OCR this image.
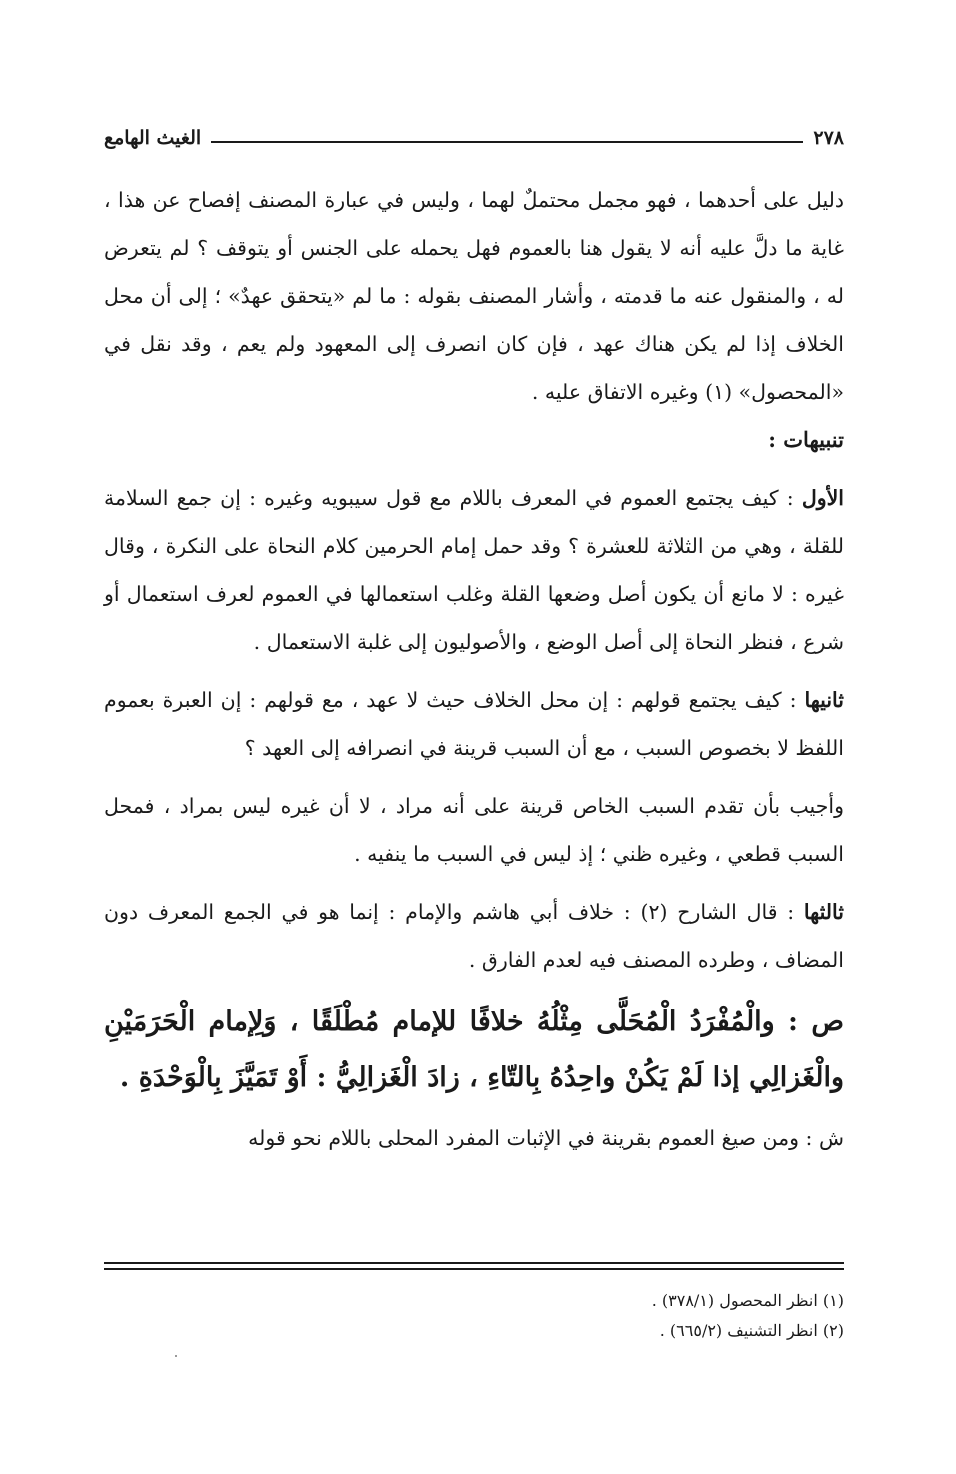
٢٧٨
الغيث الهامع

دليل على أحدهما ، فهو مجمل محتملٌ لهما ، وليس في عبارة المصنف إفصاح عن هذا ، غاية ما دلَّ عليه أنه لا يقول هنا بالعموم فهل يحمله على الجنس أو يتوقف ؟ لم يتعرض له ، والمنقول عنه ما قدمته ، وأشار المصنف بقوله : ما لم «يتحقق عهدٌ» ؛ إلى أن محل الخلاف إذا لم يكن هناك عهد ، فإن كان انصرف إلى المعهود ولم يعم ، وقد نقل في «المحصول» (١) وغيره الاتفاق عليه .

تنبيهات :

الأول : كيف يجتمع العموم في المعرف باللام مع قول سيبويه وغيره : إن جمع السلامة للقلة ، وهي من الثلاثة للعشرة ؟ وقد حمل إمام الحرمين كلام النحاة على النكرة ، وقال غيره : لا مانع أن يكون أصل وضعها القلة وغلب استعمالها في العموم لعرف استعمال أو شرع ، فنظر النحاة إلى أصل الوضع ، والأصوليون إلى غلبة الاستعمال .

ثانيها : كيف يجتمع قولهم : إن محل الخلاف حيث لا عهد ، مع قولهم : إن العبرة بعموم اللفظ لا بخصوص السبب ، مع أن السبب قرينة في انصرافه إلى العهد ؟

وأجيب بأن تقدم السبب الخاص قرينة على أنه مراد ، لا أن غيره ليس بمراد ، فمحل السبب قطعي ، وغيره ظني ؛ إذ ليس في السبب ما ينفيه .

ثالثها : قال الشارح (٢) : خلاف أبي هاشم والإمام : إنما هو في الجمع المعرف دون المضاف ، وطرده المصنف فيه لعدم الفارق .

ص : والْمُفْرَدُ الْمُحَلَّى مِثْلُهُ خلافًا للإمام مُطْلَقًا ، وَلِإمام الْحَرَمَيْنِ والْغَزالِي إذا لَمْ يَكُنْ واحِدُهُ بِالتّاءِ ، زادَ الْغَزالِيُّ : أَوْ تَمَيَّزَ بِالْوَحْدَةِ .

ش : ومن صيغ العموم بقرينة في الإثبات المفرد المحلى باللام نحو قوله

(١) انظر المحصول (٣٧٨/١) .

(٢) انظر التشنيف (٦٦٥/٢) .
